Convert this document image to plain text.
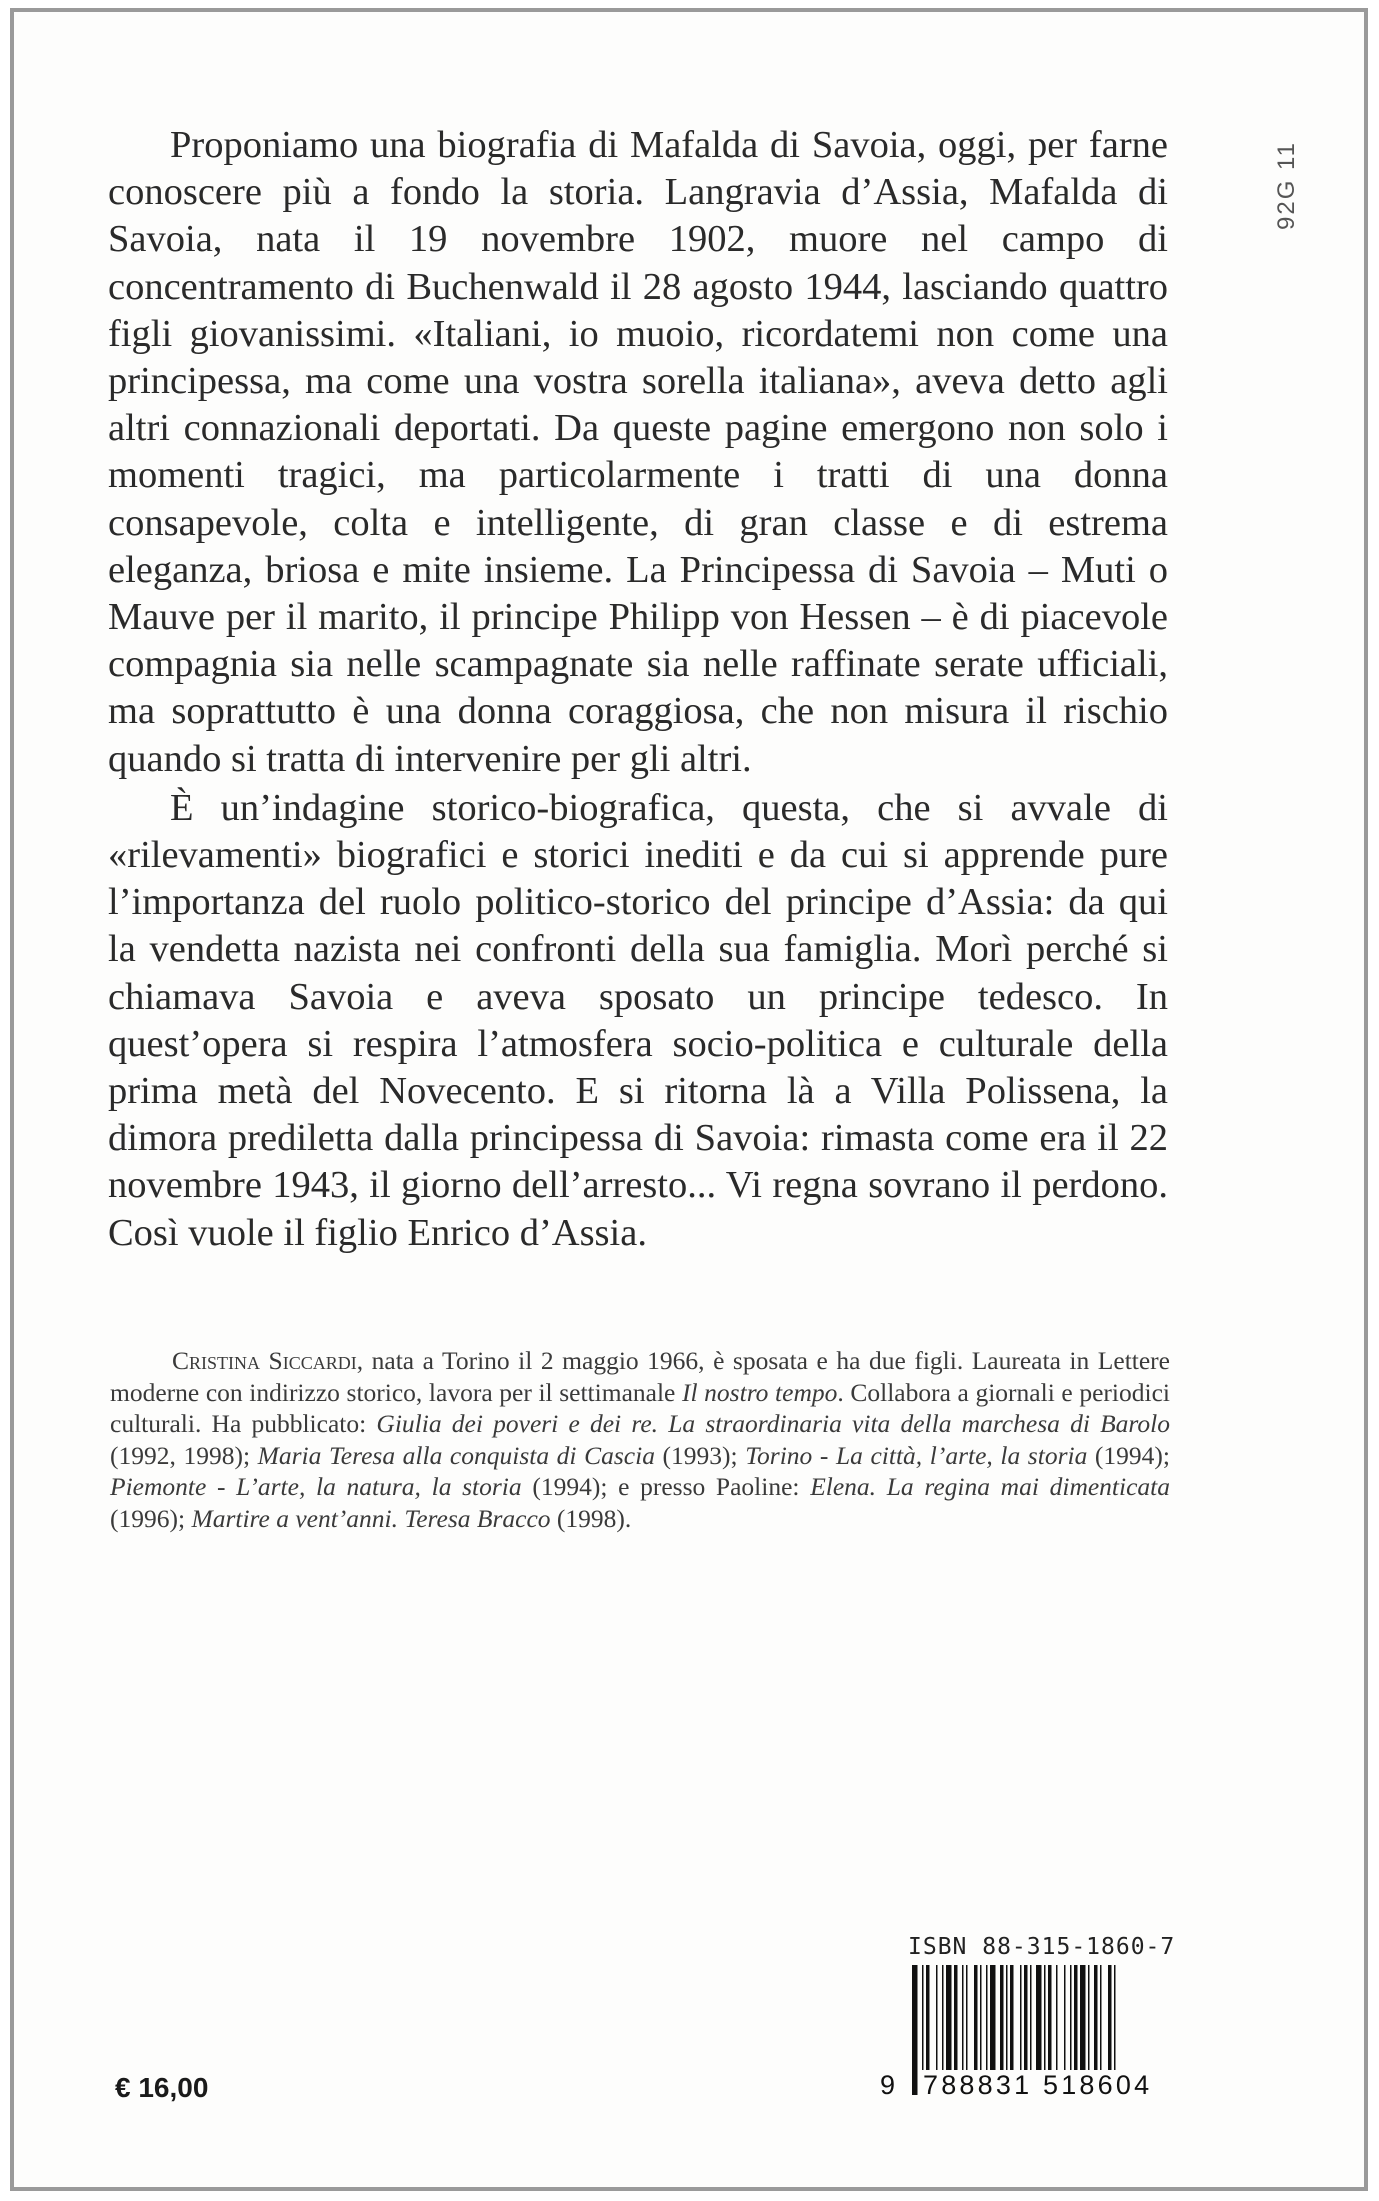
92G 11

Proponiamo una biografia di Mafalda di Savoia, oggi, per farne conoscere più a fondo la storia. Langravia d’Assia, Mafalda di Savoia, nata il 19 novembre 1902, muore nel campo di concentramento di Buchenwald il 28 agosto 1944, lasciando quattro figli giovanissimi. «Italiani, io muoio, ricordatemi non come una principessa, ma come una vostra sorella italiana», aveva detto agli altri connazionali deportati. Da queste pagine emergono non solo i momenti tragici, ma particolarmente i tratti di una donna consapevole, colta e intelligente, di gran classe e di estrema eleganza, briosa e mite insieme. La Principessa di Savoia – Muti o Mauve per il marito, il principe Philipp von Hessen – è di piacevole compagnia sia nelle scampagnate sia nelle raffinate serate ufficiali, ma soprattutto è una donna coraggiosa, che non misura il rischio quando si tratta di intervenire per gli altri.

È un’indagine storico-biografica, questa, che si avvale di «rilevamenti» biografici e storici inediti e da cui si apprende pure l’importanza del ruolo politico-storico del principe d’Assia: da qui la vendetta nazista nei confronti della sua famiglia. Morì perché si chiamava Savoia e aveva sposato un principe tedesco. In quest’opera si respira l’atmosfera socio-politica e culturale della prima metà del Novecento. E si ritorna là a Villa Polissena, la dimora prediletta dalla principessa di Savoia: rimasta come era il 22 novembre 1943, il giorno dell’arresto... Vi regna sovrano il perdono. Così vuole il figlio Enrico d’Assia.

Cristina Siccardi, nata a Torino il 2 maggio 1966, è sposata e ha due figli. Laureata in Lettere moderne con indirizzo storico, lavora per il settimanale Il nostro tempo. Collabora a giornali e periodici culturali. Ha pubblicato: Giulia dei poveri e dei re. La straordinaria vita della marchesa di Barolo (1992, 1998); Maria Teresa alla conquista di Cascia (1993); Torino - La città, l’arte, la storia (1994); Piemonte - L’arte, la natura, la storia (1994); e presso Paoline: Elena. La regina mai dimenticata (1996); Martire a vent’anni. Teresa Bracco (1998).

ISBN 88-315-1860-7
9 788831 518604
€ 16,00
